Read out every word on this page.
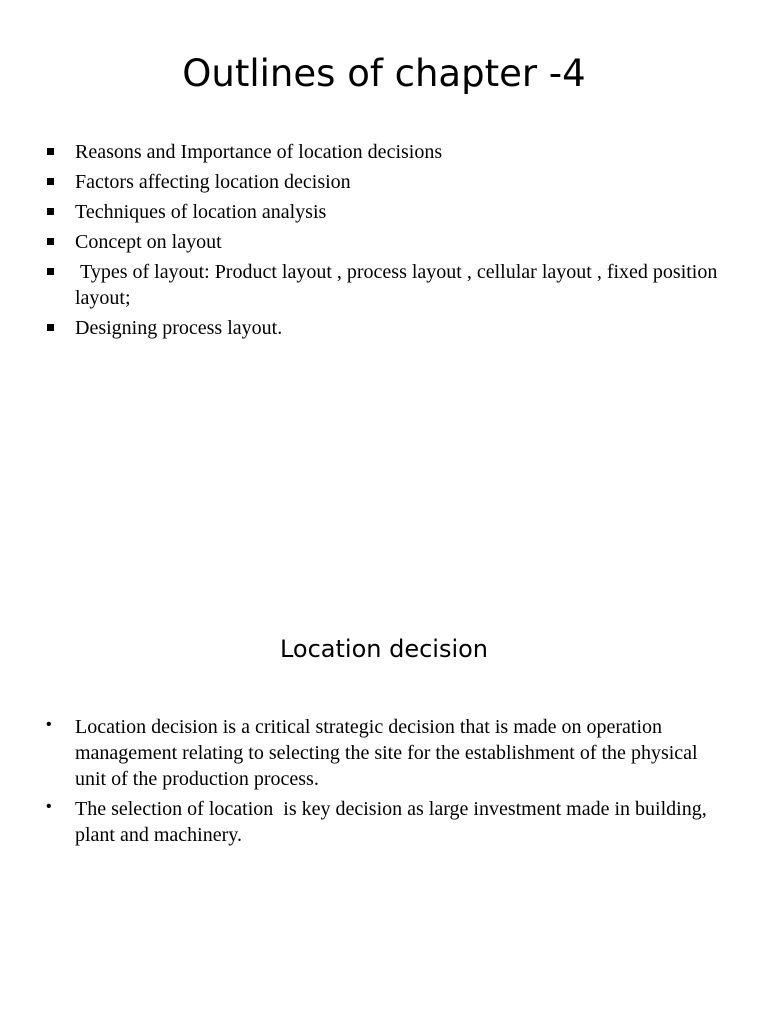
Outlines of chapter -4
Reasons and Importance of location decisions
Factors affecting location decision
Techniques of location analysis
Concept on layout
Types of layout: Product layout , process layout , cellular layout , fixed position layout;
Designing process layout.
Location decision
• Location decision is a critical strategic decision that is made on operation management relating to selecting the site for the establishment of the physical unit of the production process.
• The selection of location  is key decision as large investment made in building, plant and machinery.
